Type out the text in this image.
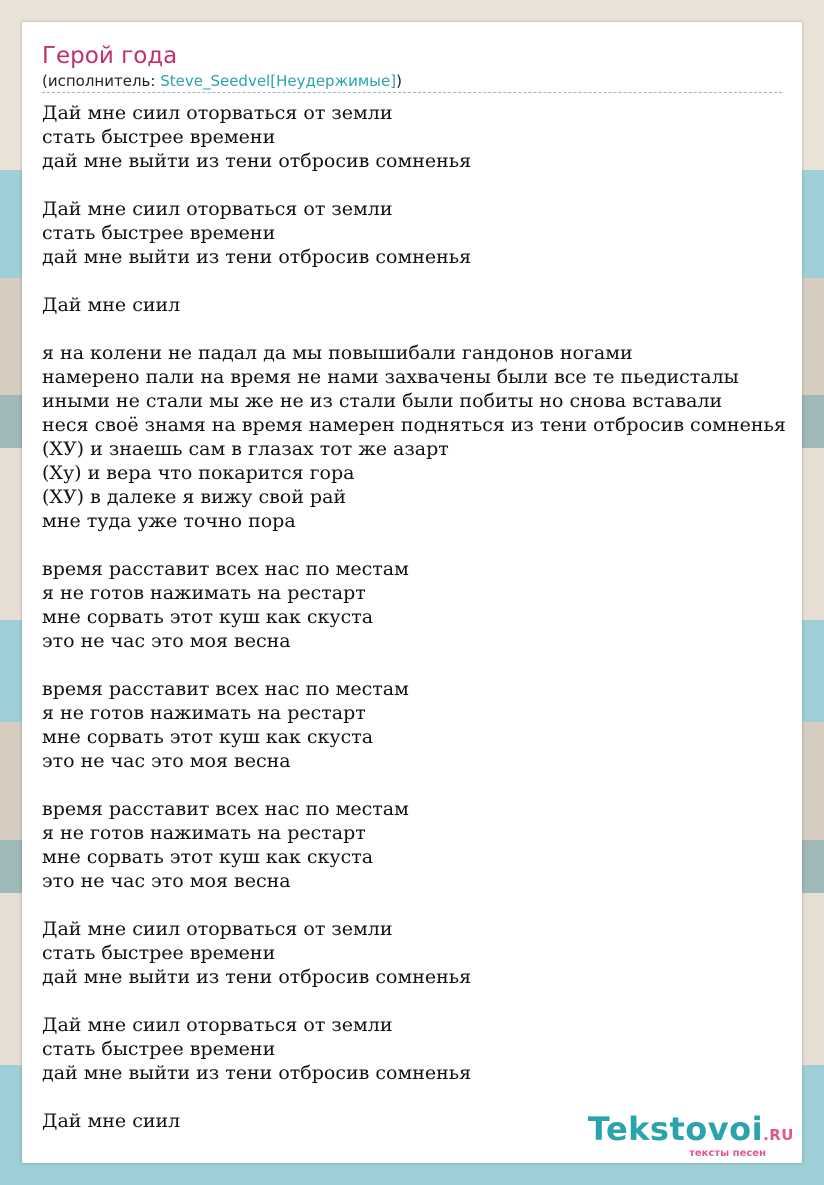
Герой года
(исполнитель: Steve_Seedvel[Неудержимые])
Дай мне сиил оторваться от земли
стать быстрее времени
дай мне выйти из тени отбросив сомненья

Дай мне сиил оторваться от земли
стать быстрее времени
дай мне выйти из тени отбросив сомненья

Дай мне сиил

я на колени не падал да мы повышибали гандонов ногами
намерено пали на время не нами захвачены были все те пьедисталы
иными не стали мы же не из стали были побиты но снова вставали
неся своё знамя на время намерен подняться из тени отбросив сомненья
(ХУ) и знаешь сам в глазах тот же азарт
(Ху) и вера что покарится гора
(ХУ) в далеке я вижу свой рай
мне туда уже точно пора

время расставит всех нас по местам
я не готов нажимать на рестарт
мне сорвать этот куш как скуста
это не час это моя весна

время расставит всех нас по местам
я не готов нажимать на рестарт
мне сорвать этот куш как скуста
это не час это моя весна

время расставит всех нас по местам
я не готов нажимать на рестарт
мне сорвать этот куш как скуста
это не час это моя весна

Дай мне сиил оторваться от земли
стать быстрее времени
дай мне выйти из тени отбросив сомненья

Дай мне сиил оторваться от земли
стать быстрее времени
дай мне выйти из тени отбросив сомненья

Дай мне сиил	Tekstovoi.RU
тексты песен
